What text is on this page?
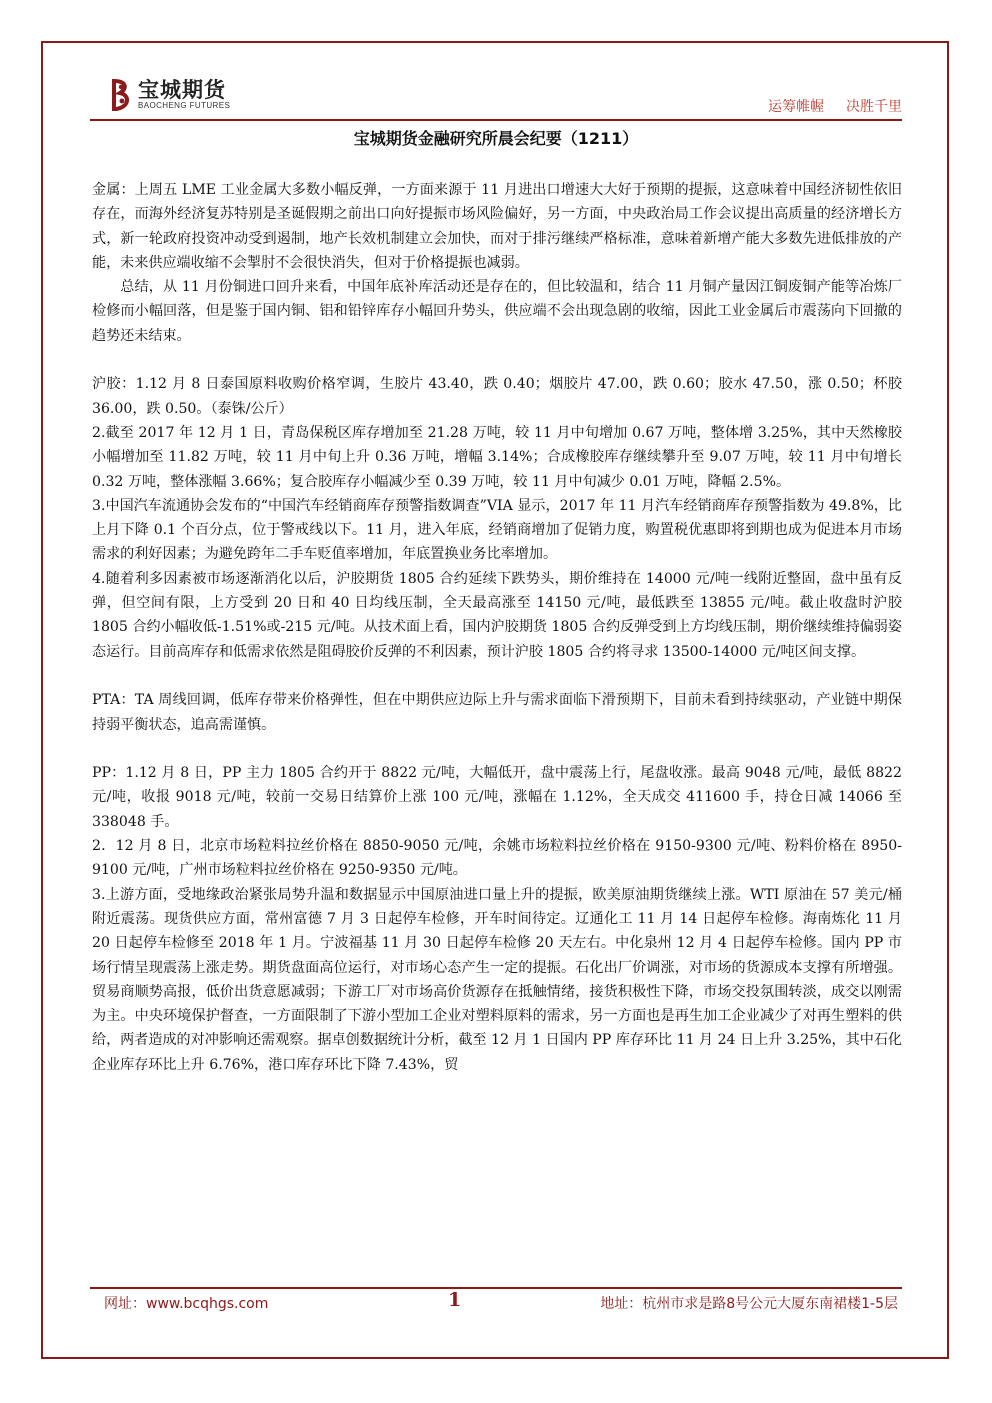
宝城期货
BAOCHENG FUTURES	运筹帷幄 决胜千里
宝城期货金融研究所晨会纪要（1211）

金属：上周五 LME 工业金属大多数小幅反弹，一方面来源于 11 月进出口增速大大好于预期的提振，这意味着中国经济韧性依旧存在，而海外经济复苏特别是圣诞假期之前出口向好提振市场风险偏好，另一方面，中央政治局工作会议提出高质量的经济增长方式，新一轮政府投资冲动受到遏制，地产长效机制建立会加快，而对于排污继续严格标准，意味着新增产能大多数先进低排放的产能，未来供应端收缩不会掣肘不会很快消失，但对于价格提振也减弱。

总结，从 11 月份铜进口回升来看，中国年底补库活动还是存在的，但比较温和，结合 11 月铜产量因江铜废铜产能等冶炼厂检修而小幅回落，但是鉴于国内铜、铝和铅锌库存小幅回升势头，供应端不会出现急剧的收缩，因此工业金属后市震荡向下回撤的趋势还未结束。

沪胶：1.12 月 8 日泰国原料收购价格窄调，生胶片 43.40，跌 0.40；烟胶片 47.00，跌 0.60；胶水 47.50，涨 0.50；杯胶 36.00，跌 0.50。（泰铢/公斤）

2.截至 2017 年 12 月 1 日，青岛保税区库存增加至 21.28 万吨，较 11 月中旬增加 0.67 万吨，整体增 3.25%，其中天然橡胶小幅增加至 11.82 万吨，较 11 月中旬上升 0.36 万吨，增幅 3.14%；合成橡胶库存继续攀升至 9.07 万吨，较 11 月中旬增长 0.32 万吨，整体涨幅 3.66%；复合胶库存小幅减少至 0.39 万吨，较 11 月中旬减少 0.01 万吨，降幅 2.5%。

3.中国汽车流通协会发布的“中国汽车经销商库存预警指数调查”VIA 显示，2017 年 11 月汽车经销商库存预警指数为 49.8%，比上月下降 0.1 个百分点，位于警戒线以下。11 月，进入年底，经销商增加了促销力度，购置税优惠即将到期也成为促进本月市场需求的利好因素；为避免跨年二手车贬值率增加，年底置换业务比率增加。

4.随着利多因素被市场逐渐消化以后，沪胶期货 1805 合约延续下跌势头，期价维持在 14000 元/吨一线附近整固，盘中虽有反弹，但空间有限，上方受到 20 日和 40 日均线压制，全天最高涨至 14150 元/吨，最低跌至 13855 元/吨。截止收盘时沪胶 1805 合约小幅收低-1.51%或-215 元/吨。从技术面上看，国内沪胶期货 1805 合约反弹受到上方均线压制，期价继续维持偏弱姿态运行。目前高库存和低需求依然是阻碍胶价反弹的不利因素，预计沪胶 1805 合约将寻求 13500-14000 元/吨区间支撑。

PTA：TA 周线回调，低库存带来价格弹性，但在中期供应边际上升与需求面临下滑预期下，目前未看到持续驱动，产业链中期保持弱平衡状态，追高需谨慎。

PP：1.12 月 8 日，PP 主力 1805 合约开于 8822 元/吨，大幅低开，盘中震荡上行，尾盘收涨。最高 9048 元/吨，最低 8822 元/吨，收报 9018 元/吨，较前一交易日结算价上涨 100 元/吨，涨幅在 1.12%，全天成交 411600 手，持仓日减 14066 至 338048 手。

2．12 月 8 日，北京市场粒料拉丝价格在 8850-9050 元/吨，余姚市场粒料拉丝价格在 9150-9300 元/吨、粉料价格在 8950-9100 元/吨，广州市场粒料拉丝价格在 9250-9350 元/吨。

3.上游方面，受地缘政治紧张局势升温和数据显示中国原油进口量上升的提振，欧美原油期货继续上涨。WTI 原油在 57 美元/桶附近震荡。现货供应方面，常州富德 7 月 3 日起停车检修，开车时间待定。辽通化工 11 月 14 日起停车检修。海南炼化 11 月 20 日起停车检修至 2018 年 1 月。宁波福基 11 月 30 日起停车检修 20 天左右。中化泉州 12 月 4 日起停车检修。国内 PP 市场行情呈现震荡上涨走势。期货盘面高位运行，对市场心态产生一定的提振。石化出厂价调涨，对市场的货源成本支撑有所增强。贸易商顺势高报，低价出货意愿减弱；下游工厂对市场高价货源存在抵触情绪，接货积极性下降，市场交投氛围转淡，成交以刚需为主。中央环境保护督查，一方面限制了下游小型加工企业对塑料原料的需求，另一方面也是再生加工企业减少了对再生塑料的供给，两者造成的对冲影响还需观察。据卓创数据统计分析，截至 12 月 1 日国内 PP 库存环比 11 月 24 日上升 3.25%，其中石化企业库存环比上升 6.76%，港口库存环比下降 7.43%，贸

网址：www.bcqhgs.com	1	地址：杭州市求是路8号公元大厦东南裙楼1-5层
